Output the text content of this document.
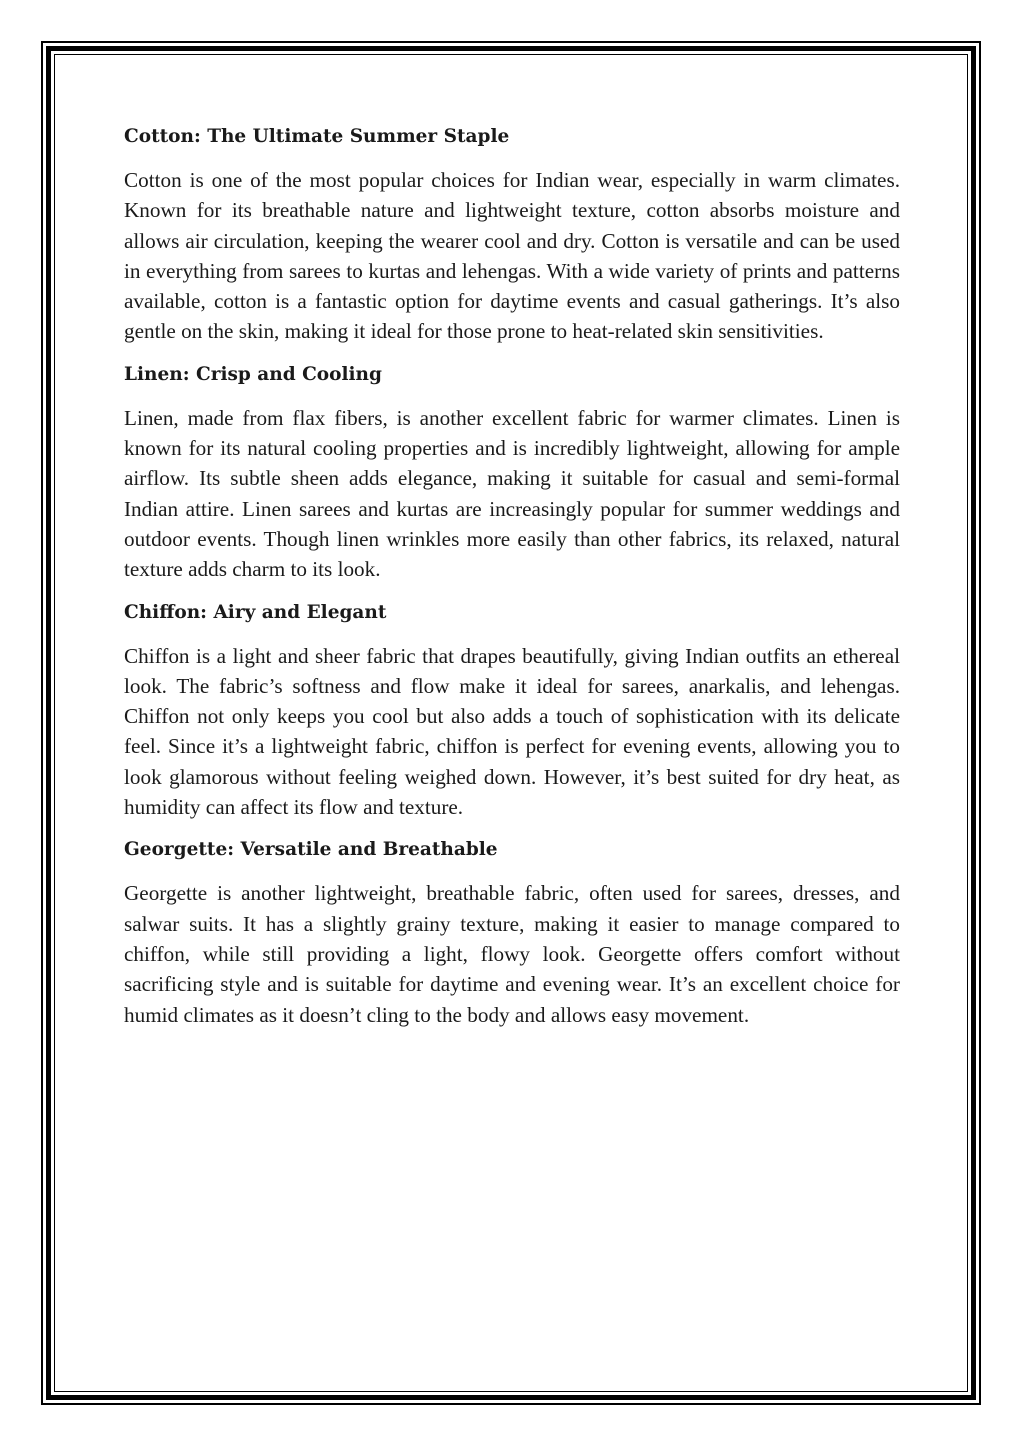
Cotton: The Ultimate Summer Staple

Cotton is one of the most popular choices for Indian wear, especially in warm climates. Known for its breathable nature and lightweight texture, cotton absorbs moisture and allows air circulation, keeping the wearer cool and dry. Cotton is versatile and can be used in everything from sarees to kurtas and lehengas. With a wide variety of prints and patterns available, cotton is a fantastic option for daytime events and casual gatherings. It’s also gentle on the skin, making it ideal for those prone to heat-related skin sensitivities.

Linen: Crisp and Cooling

Linen, made from flax fibers, is another excellent fabric for warmer climates. Linen is known for its natural cooling properties and is incredibly lightweight, allowing for ample airflow. Its subtle sheen adds elegance, making it suitable for casual and semi-formal Indian attire. Linen sarees and kurtas are increasingly popular for summer weddings and outdoor events. Though linen wrinkles more easily than other fabrics, its relaxed, natural texture adds charm to its look.

Chiffon: Airy and Elegant

Chiffon is a light and sheer fabric that drapes beautifully, giving Indian outfits an ethereal look. The fabric’s softness and flow make it ideal for sarees, anarkalis, and lehengas. Chiffon not only keeps you cool but also adds a touch of sophistication with its delicate feel. Since it’s a lightweight fabric, chiffon is perfect for evening events, allowing you to look glamorous without feeling weighed down. However, it’s best suited for dry heat, as humidity can affect its flow and texture.

Georgette: Versatile and Breathable

Georgette is another lightweight, breathable fabric, often used for sarees, dresses, and salwar suits. It has a slightly grainy texture, making it easier to manage compared to chiffon, while still providing a light, flowy look. Georgette offers comfort without sacrificing style and is suitable for daytime and evening wear. It’s an excellent choice for humid climates as it doesn’t cling to the body and allows easy movement.
